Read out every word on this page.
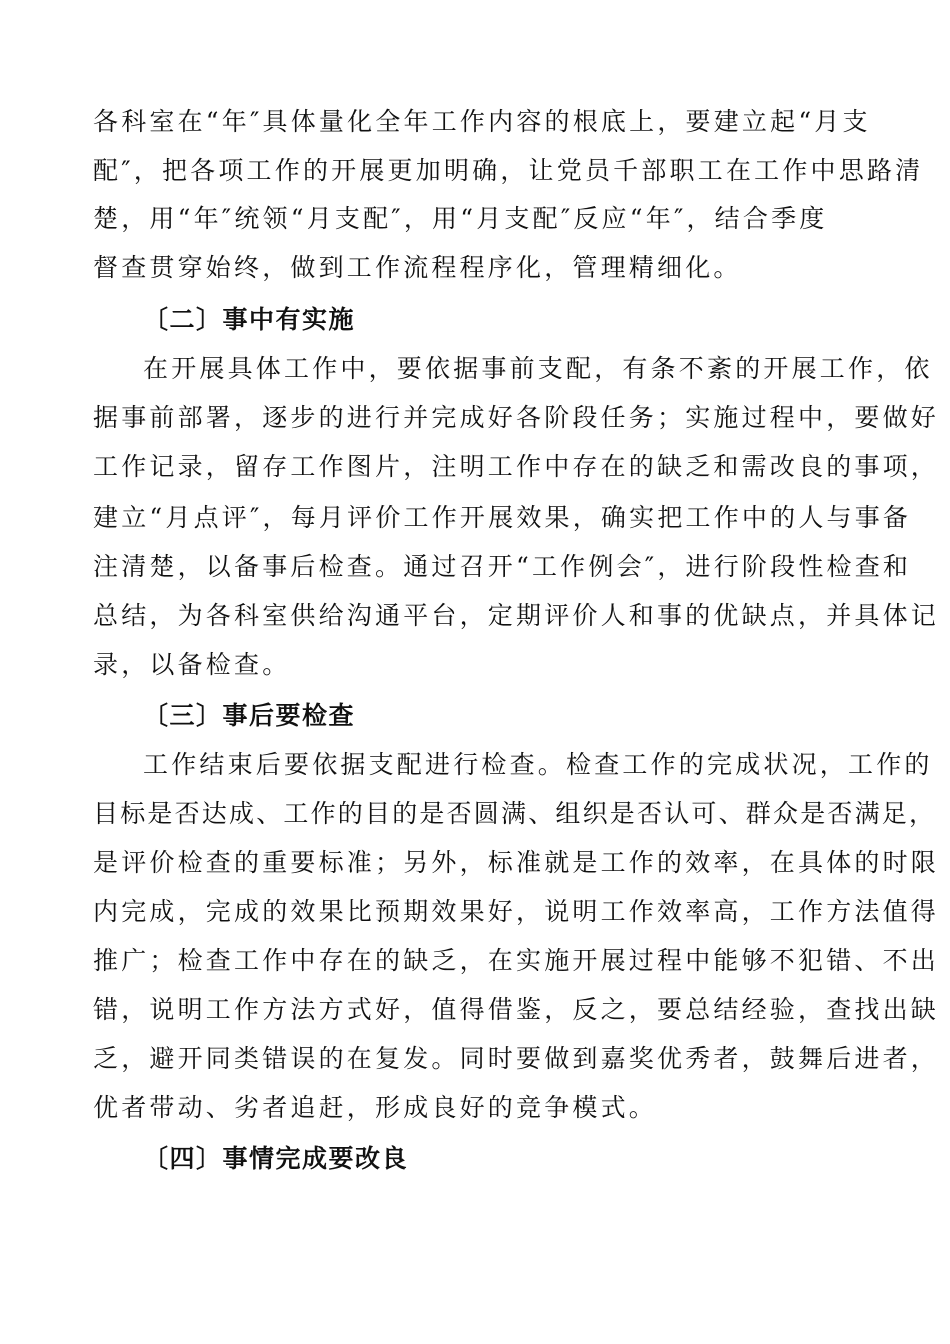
各科室在“年″具体量化全年工作内容的根底上，要建立起“月支
配″，把各项工作的开展更加明确，让党员千部职工在工作中思路清
楚，用“年″统领“月支配″，用“月支配″反应“年″，结合季度
督查贯穿始终，做到工作流程程序化，管理精细化。
〔二〕事中有实施
在开展具体工作中，要依据事前支配，有条不紊的开展工作，依
据事前部署，逐步的进行并完成好各阶段任务；实施过程中，要做好
工作记录，留存工作图片，注明工作中存在的缺乏和需改良的事项，
建立“月点评″，每月评价工作开展效果，确实把工作中的人与事备
注清楚，以备事后检查。通过召开“工作例会″，进行阶段性检查和
总结，为各科室供给沟通平台，定期评价人和事的优缺点，并具体记
录，以备检查。
〔三〕事后要检查
工作结束后要依据支配进行检查。检查工作的完成状况，工作的
目标是否达成、工作的目的是否圆满、组织是否认可、群众是否满足，
是评价检查的重要标准；另外，标准就是工作的效率，在具体的时限
内完成，完成的效果比预期效果好，说明工作效率高，工作方法值得
推广；检查工作中存在的缺乏，在实施开展过程中能够不犯错、不出
错，说明工作方法方式好，值得借鉴，反之，要总结经验，查找出缺
乏，避开同类错误的在复发。同时要做到嘉奖优秀者，鼓舞后进者，
优者带动、劣者追赶，形成良好的竞争模式。
〔四〕事情完成要改良
